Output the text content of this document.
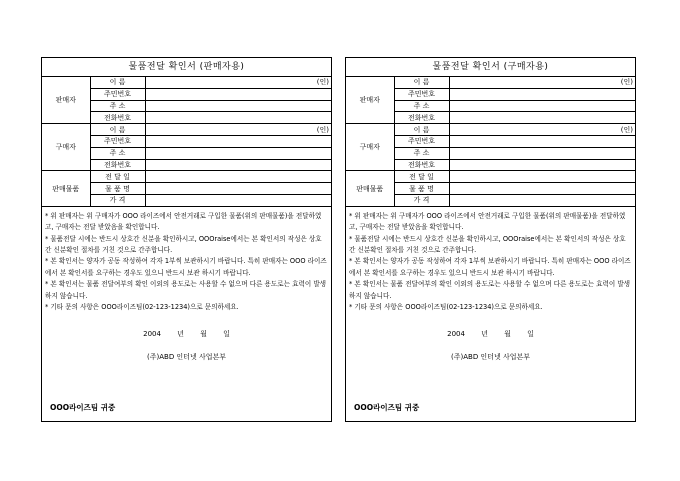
물품전달 확인서 (판매자용)
판매자	이 름	(인)
	주민번호	
	주 소	
	전화번호	
구매자	이 름	(인)
	주민번호	
	주 소	
	전화번호	
판매물품	전 달 일	
	물 품 명	
	가 격	

* 위 판매자는 위 구매자가 OOO 라이즈에서 안전거래로 구입한 물품(위의 판매물품)을 전달하였고, 구매자는 전달 받았음을 확인합니다.

* 물품전달 시에는 반드시 상호간 신분을 확인하시고, OOOraise에서는 본 확인서의 작성은 상호간 신분확인 절차를 거친 것으로 간주합니다.

* 본 확인서는 양자가 공동 작성하여 각자 1부씩 보관하시기 바랍니다. 특히 판매자는 OOO 라이즈에서 본 확인서를 요구하는 경우도 있으니 반드시 보관 하시기 바랍니다.

* 본 확인서는 물품 전달여부의 확인 이외의 용도로는 사용할 수 없으며 다른 용도로는 효력이 발생하지 않습니다.

* 기타 문의 사항은 OOO라이즈팀(02-123-1234)으로 문의하세요.

2004 년 월 일
(주)ABD 인터넷 사업본부
OOO라이즈팀 귀중
물품전달 확인서 (구매자용)
판매자	이 름	(인)
	주민번호	
	주 소	
	전화번호	
구매자	이 름	(인)
	주민번호	
	주 소	
	전화번호	
판매물품	전 달 일	
	물 품 명	
	가 격	

* 위 판매자는 위 구매자가 OOO 라이즈에서 안전거래로 구입한 물품(위의 판매물품)을 전달하였고, 구매자는 전달 받았음을 확인합니다.

* 물품전달 시에는 반드시 상호간 신분을 확인하시고, OOOraise에서는 본 확인서의 작성은 상호간 신분확인 절차를 거친 것으로 간주합니다.

* 본 확인서는 양자가 공동 작성하여 각자 1부씩 보관하시기 바랍니다. 특히 판매자는 OOO 라이즈에서 본 확인서를 요구하는 경우도 있으니 반드시 보관 하시기 바랍니다.

* 본 확인서는 물품 전달여부의 확인 이외의 용도로는 사용할 수 없으며 다른 용도로는 효력이 발생하지 않습니다.

* 기타 문의 사항은 OOO라이즈팀(02-123-1234)으로 문의하세요.

2004 년 월 일
(주)ABD 인터넷 사업본부
OOO라이즈팀 귀중
